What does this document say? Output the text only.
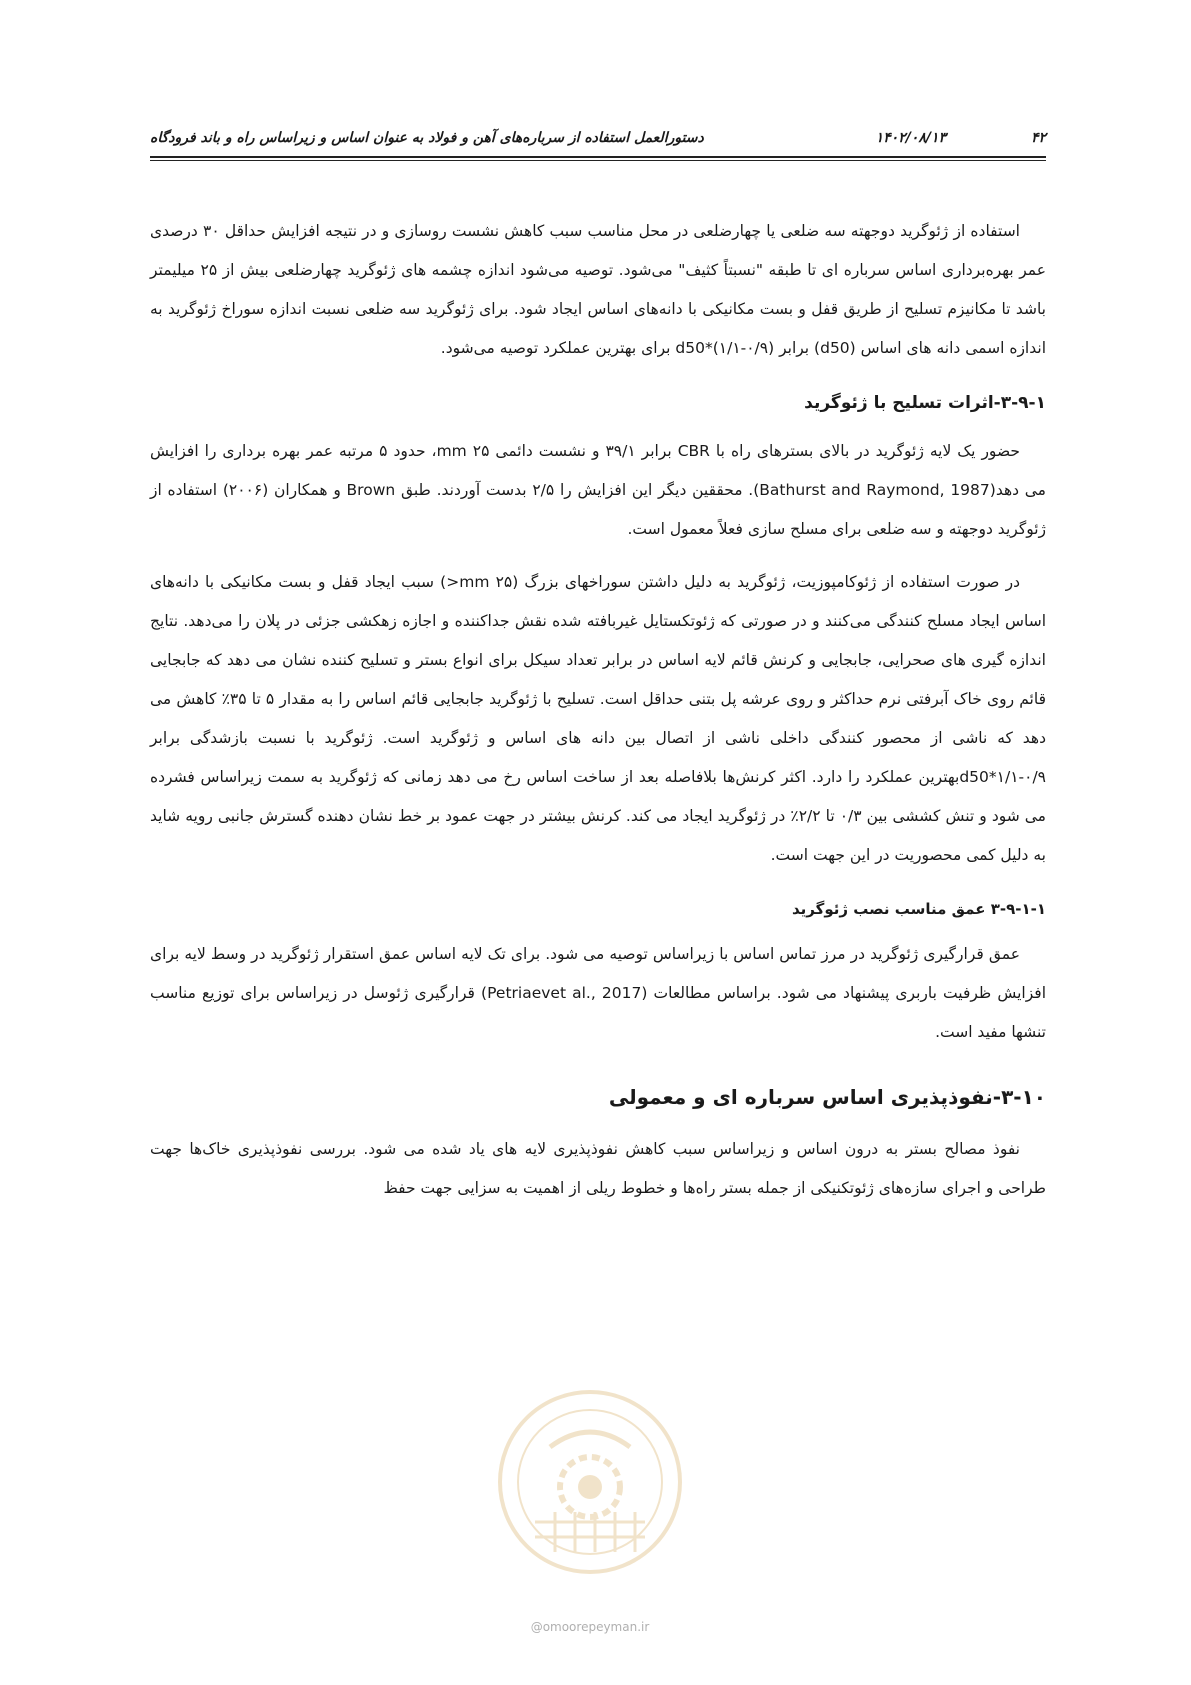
۴۲
۱۴۰۲/۰۸/۱۳
دستورالعمل استفاده از سرباره‌های آهن و فولاد به عنوان اساس و زیراساس راه و باند فرودگاه

استفاده از ژئوگرید دوجهته سه ضلعی یا چهارضلعی در محل مناسب سبب کاهش نشست روسازی و در نتیجه افزایش حداقل ۳۰ درصدی عمر بهره‌برداری اساس سرباره ای تا طبقه "نسبتاً کثیف" می‌شود. توصیه می‌شود اندازه چشمه های ژئوگرید چهارضلعی بیش از ۲۵ میلیمتر باشد تا مکانیزم تسلیح از طریق قفل و بست مکانیکی با دانه‌های اساس ایجاد شود. برای ژئوگرید سه ضلعی نسبت اندازه سوراخ ژئوگرید به اندازه اسمی دانه های اساس (d50) برابر d50*(۱/۱-۰/۹) برای بهترین عملکرد توصیه می‌شود.

۳-۹-۱-اثرات تسلیح با ژئوگرید

حضور یک لایه ژئوگرید در بالای بسترهای راه با CBR برابر ۳۹/۱ و نشست دائمی ۲۵ mm، حدود ۵ مرتبه عمر بهره برداری را افزایش می دهد(Bathurst and Raymond, 1987). محققین دیگر این افزایش را ۲/۵ بدست آوردند. طبق Brown و همکاران (۲۰۰۶) استفاده از ژئوگرید دوجهته و سه ضلعی برای مسلح سازی فعلاً معمول است.

در صورت استفاده از ژئوکامپوزیت، ژئوگرید به دلیل داشتن سوراخهای بزرگ (mm ۲۵<) سبب ایجاد قفل و بست مکانیکی با دانه‌های اساس ایجاد مسلح کنندگی می‌کنند و در صورتی که ژئوتکستایل غیربافته شده نقش جداکننده و اجازه زهکشی جزئی در پلان را می‌دهد. نتایج اندازه گیری های صحرایی، جابجایی و کرنش قائم لایه اساس در برابر تعداد سیکل برای انواع بستر و تسلیح کننده نشان می دهد که جابجایی قائم روی خاک آبرفتی نرم حداکثر و روی عرشه پل بتنی حداقل است. تسلیح با ژئوگرید جابجایی قائم اساس را به مقدار ۵ تا ۳۵٪ کاهش می دهد که ناشی از محصور کنندگی داخلی ناشی از اتصال بین دانه های اساس و ژئوگرید است. ژئوگرید با نسبت بازشدگی برابر d50*۱/۱-۰/۹بهترین عملکرد را دارد. اکثر کرنش‌ها بلافاصله بعد از ساخت اساس رخ می دهد زمانی که ژئوگرید به سمت زیراساس فشرده می شود و تنش کششی بین ۰/۳ تا ۲/۲٪ در ژئوگرید ایجاد می کند. کرنش بیشتر در جهت عمود بر خط نشان دهنده گسترش جانبی رویه شاید به دلیل کمی محصوریت در این جهت است.

۳-۹-۱-۱ عمق مناسب نصب ژئوگرید

عمق قرارگیری ژئوگرید در مرز تماس اساس با زیراساس توصیه می شود. برای تک لایه اساس عمق استقرار ژئوگرید در وسط لایه برای افزایش ظرفیت باربری پیشنهاد می شود. براساس مطالعات (Petriaevet al., 2017) قرارگیری ژئوسل در زیراساس برای توزیع مناسب تنشها مفید است.

۳-۱۰-نفوذپذیری اساس سرباره ای و معمولی

نفوذ مصالح بستر به درون اساس و زیراساس سبب کاهش نفوذپذیری لایه های یاد شده می شود. بررسی نفوذپذیری خاک‌ها جهت طراحی و اجرای سازه‌های ژئوتکنیکی از جمله بستر راه‌ها و خطوط ریلی از اهمیت به سزایی جهت حفظ

@omoorepeyman.ir
